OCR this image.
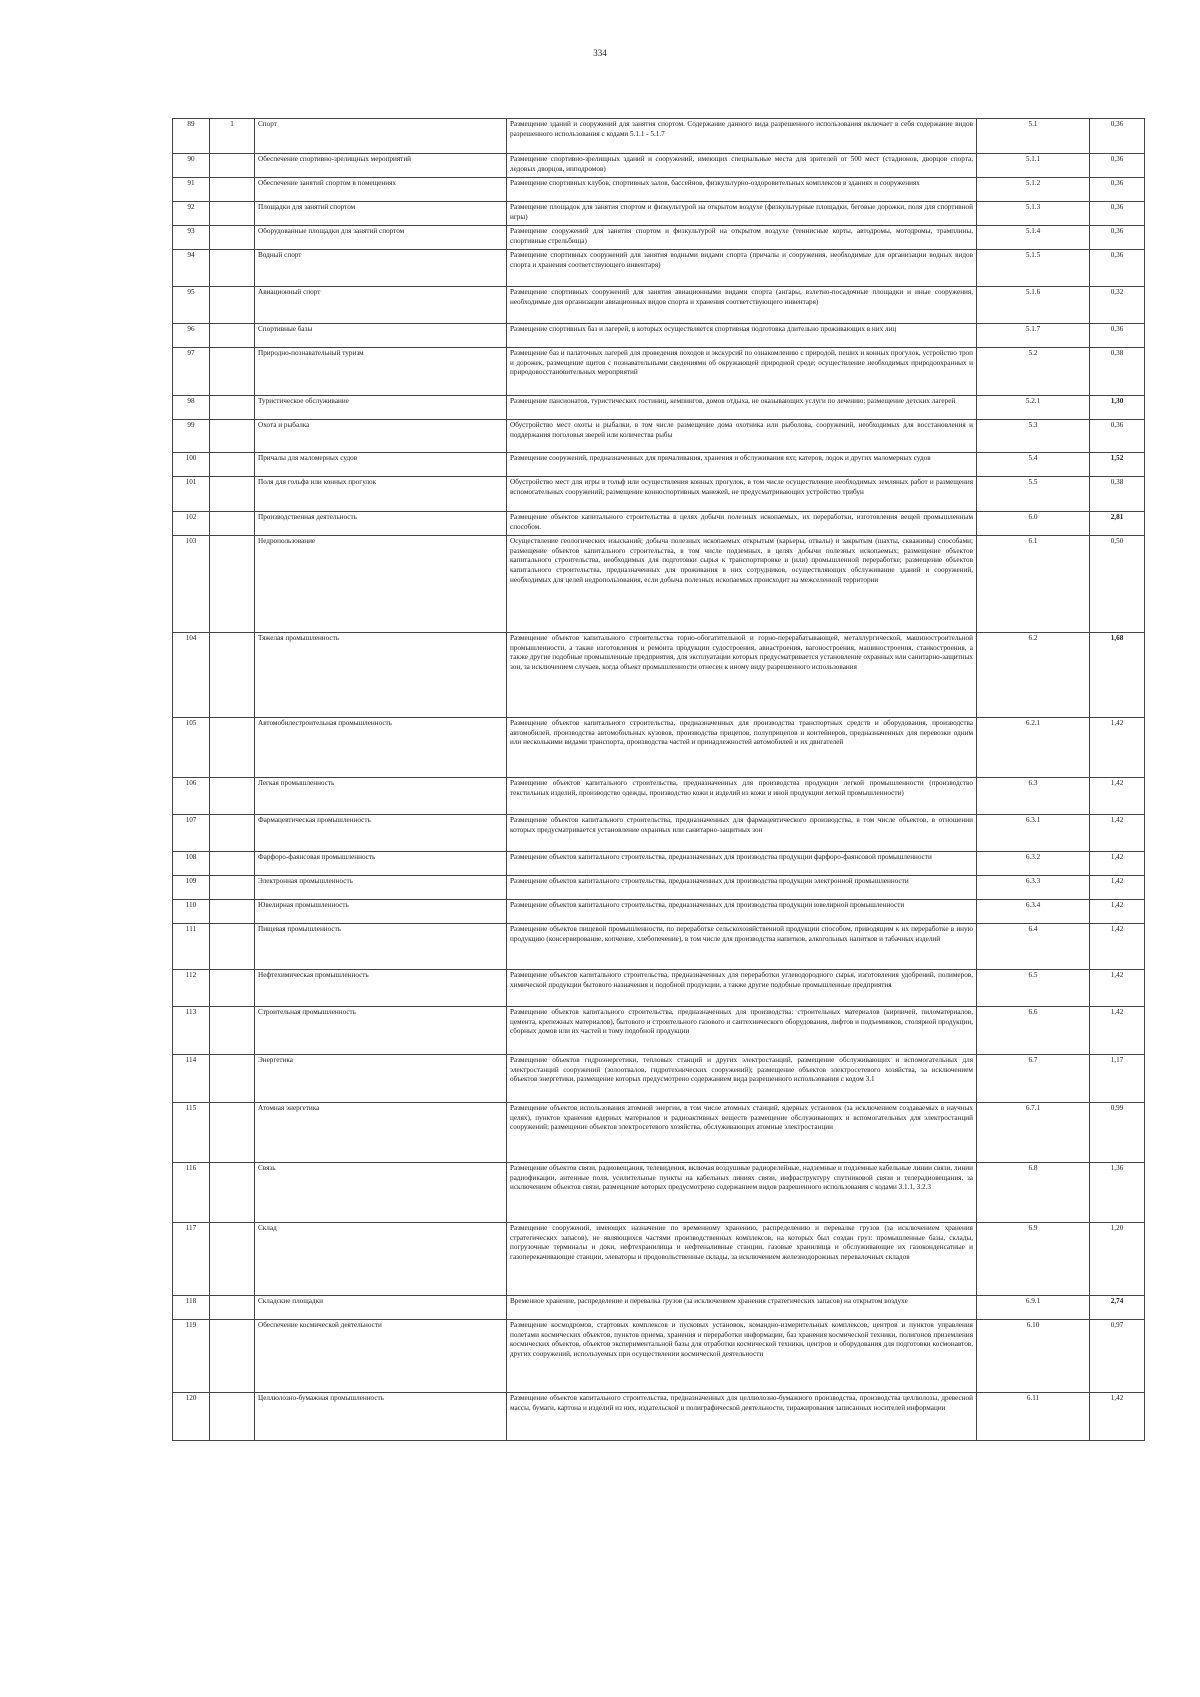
334
89	1	Спорт	Размещение зданий и сооружений для занятия спортом. Содержание данного вида разрешенного использования включает в себя содержание видов разрешенного использования с кодами 5.1.1 - 5.1.7	5.1	0,36
90		Обеспечение спортивно-зрелищных мероприятий	Размещение спортивно-зрелищных зданий и сооружений, имеющих специальные места для зрителей от 500 мест (стадионов, дворцов спорта, ледовых дворцов, ипподромов)	5.1.1	0,36
91		Обеспечение занятий спортом в помещениях	Размещение спортивных клубов, спортивных залов, бассейнов, физкультурно-оздоровительных комплексов в зданиях и сооружениях	5.1.2	0,36
92		Площадки для занятий спортом	Размещение площадок для занятия спортом и физкультурой на открытом воздухе (физкультурные площадки, беговые дорожки, поля для спортивной игры)	5.1.3	0,36
93		Оборудованные площадки для занятий спортом	Размещение сооружений для занятия спортом и физкультурой на открытом воздухе (теннисные корты, автодромы, мотодромы, трамплины, спортивные стрельбища)	5.1.4	0,36
94		Водный спорт	Размещение спортивных сооружений для занятия водными видами спорта (причалы и сооружения, необходимые для организации водных видов спорта и хранения соответствующего инвентаря)	5.1.5	0,36
95		Авиационный спорт	Размещение спортивных сооружений для занятия авиационными видами спорта (ангары, взлетно-посадочные площадки и иные сооружения, необходимые для организации авиационных видов спорта и хранения соответствующего инвентаря)	5.1.6	0,32
96		Спортивные базы	Размещение спортивных баз и лагерей, в которых осуществляется спортивная подготовка длительно проживающих в них лиц	5.1.7	0,36
97		Природно-познавательный туризм	Размещение баз и палаточных лагерей для проведения походов и экскурсий по ознакомлению с природой, пеших и конных прогулок, устройство троп и дорожек, размещение щитов с познавательными сведениями об окружающей природной среде; осуществление необходимых природоохранных и природовосстановительных мероприятий	5.2	0,38
98		Туристическое обслуживание	Размещение пансионатов, туристических гостиниц, кемпингов, домов отдыха, не оказывающих услуги по лечению; размещение детских лагерей	5.2.1	1,30
99		Охота и рыбалка	Обустройство мест охоты и рыбалки, в том числе размещение дома охотника или рыболова, сооружений, необходимых для восстановления и поддержания поголовья зверей или количества рыбы	5.3	0,36
100		Причалы для маломерных судов	Размещение сооружений, предназначенных для причаливания, хранения и обслуживания яхт, катеров, лодок и других маломерных судов	5.4	1,52
101		Поля для гольфа или конных прогулок	Обустройство мест для игры в гольф или осуществления конных прогулок, в том числе осуществление необходимых земляных работ и размещения вспомогательных сооружений; размещение конноспортивных манежей, не предусматривающих устройство трибун	5.5	0,38
102		Производственная деятельность	Размещение объектов капитального строительства в целях добычи полезных ископаемых, их переработки, изготовления вещей промышленным способом.	6.0	2,81
103		Недропользование	Осуществление геологических изысканий; добыча полезных ископаемых открытым (карьеры, отвалы) и закрытым (шахты, скважины) способами; размещение объектов капитального строительства, в том числе подземных, в целях добычи полезных ископаемых; размещение объектов капитального строительства, необходимых для подготовки сырья к транспортировке и (или) промышленной переработке; размещение объектов капитального строительства, предназначенных для проживания в них сотрудников, осуществляющих обслуживание зданий и сооружений, необходимых для целей недропользования, если добыча полезных ископаемых происходит на межселенной территории	6.1	0,50
104		Тяжелая промышленность	Размещение объектов капитального строительства горно-обогатительной и горно-перерабатывающей, металлургической, машиностроительной промышленности, а также изготовления и ремонта продукции судостроения, авиастроения, вагоностроения, машиностроения, станкостроения, а также другие подобные промышленные предприятия, для эксплуатации которых предусматривается установление охранных или санитарно-защитных зон, за исключением случаев, когда объект промышленности отнесен к иному виду разрешенного использования	6.2	1,68
105		Автомобилестроительная промышленность	Размещение объектов капитального строительства, предназначенных для производства транспортных средств и оборудования, производства автомобилей, производства автомобильных кузовов, производства прицепов, полуприцепов и контейнеров, предназначенных для перевозки одним или несколькими видами транспорта, производства частей и принадлежностей автомобилей и их двигателей	6.2.1	1,42
106		Легкая промышленность	Размещение объектов капитального строительства, предназначенных для производства продукции легкой промышленности (производство текстильных изделий, производство одежды, производство кожи и изделий из кожи и иной продукции легкой промышленности)	6.3	1,42
107		Фармацевтическая промышленность	Размещение объектов капитального строительства, предназначенных для фармацевтического производства, в том числе объектов, в отношении которых предусматривается установление охранных или санитарно-защитных зон	6.3.1	1,42
108		Фарфоро-фаянсовая промышленность	Размещение объектов капитального строительства, предназначенных для производства продукции фарфоро-фаянсовой промышленности	6.3.2	1,42
109		Электронная промышленность	Размещение объектов капитального строительства, предназначенных для производства продукции электронной промышленности	6.3.3	1,42
110		Ювелирная промышленность	Размещение объектов капитального строительства, предназначенных для производства продукции ювелирной промышленности	6.3.4	1,42
111		Пищевая промышленность	Размещение объектов пищевой промышленности, по переработке сельскохозяйственной продукции способом, приводящим к их переработке в иную продукцию (консервирование, копчение, хлебопечение), в том числе для производства напитков, алкогольных напитков и табачных изделий	6.4	1,42
112		Нефтехимическая промышленность	Размещение объектов капитального строительства, предназначенных для переработки углеводородного сырья, изготовления удобрений, полимеров, химической продукции бытового назначения и подобной продукции, а также другие подобные промышленные предприятия	6.5	1,42
113		Строительная промышленность	Размещение объектов капитального строительства, предназначенных для производства: строительных материалов (кирпичей, пиломатериалов, цемента, крепежных материалов), бытового и строительного газового и сантехнического оборудования, лифтов и подъемников, столярной продукции, сборных домов или их частей и тому подобной продукции	6.6	1,42
114		Энергетика	Размещение объектов гидроэнергетики, тепловых станций и других электростанций, размещение обслуживающих и вспомогательных для электростанций сооружений (золоотвалов, гидротехнических сооружений); размещение объектов электросетевого хозяйства, за исключением объектов энергетики, размещение которых предусмотрено содержанием вида разрешенного использования с кодом 3.1	6.7	1,17
115		Атомная энергетика	Размещение объектов использования атомной энергии, в том числе атомных станций, ядерных установок (за исключением создаваемых в научных целях), пунктов хранения ядерных материалов и радиоактивных веществ размещение обслуживающих и вспомогательных для электростанций сооружений; размещение объектов электросетевого хозяйства, обслуживающих атомные электростанции	6.7.1	0,99
116		Связь	Размещение объектов связи, радиовещания, телевидения, включая воздушные радиорелейные, надземные и подземные кабельные линии связи, линии радиофикации, антенные поля, усилительные пункты на кабельных линиях связи, инфраструктуру спутниковой связи и телерадиовещания, за исключением объектов связи, размещение которых предусмотрено содержанием видов разрешенного использования с кодами 3.1.1, 3.2.3	6.8	1,36
117		Склад	Размещение сооружений, имеющих назначение по временному хранению, распределению и перевалке грузов (за исключением хранения стратегических запасов), не являющихся частями производственных комплексов, на которых был создан груз: промышленные базы, склады, погрузочные терминалы и доки, нефтехранилища и нефтеналивные станции, газовые хранилища и обслуживающие их газоконденсатные и газоперекачивающие станции, элеваторы и продовольственные склады, за исключением железнодорожных перевалочных складов	6.9	1,20
118		Складские площадки	Временное хранение, распределение и перевалка грузов (за исключением хранения стратегических запасов) на открытом воздухе	6.9.1	2,74
119		Обеспечение космической деятельности	Размещение космодромов, стартовых комплексов и пусковых установок, командно-измерительных комплексов, центров и пунктов управления полетами космических объектов, пунктов приема, хранения и переработки информации, баз хранения космической техники, полигонов приземления космических объектов, объектов экспериментальной базы для отработки космической техники, центров и оборудования для подготовки космонавтов, других сооружений, используемых при осуществлении космической деятельности	6.10	0,97
120		Целлюлозно-бумажная промышленность	Размещение объектов капитального строительства, предназначенных для целлюлозно-бумажного производства, производства целлюлозы, древесной массы, бумаги, картона и изделий из них, издательской и полиграфической деятельности, тиражирования записанных носителей информации	6.11	1,42
